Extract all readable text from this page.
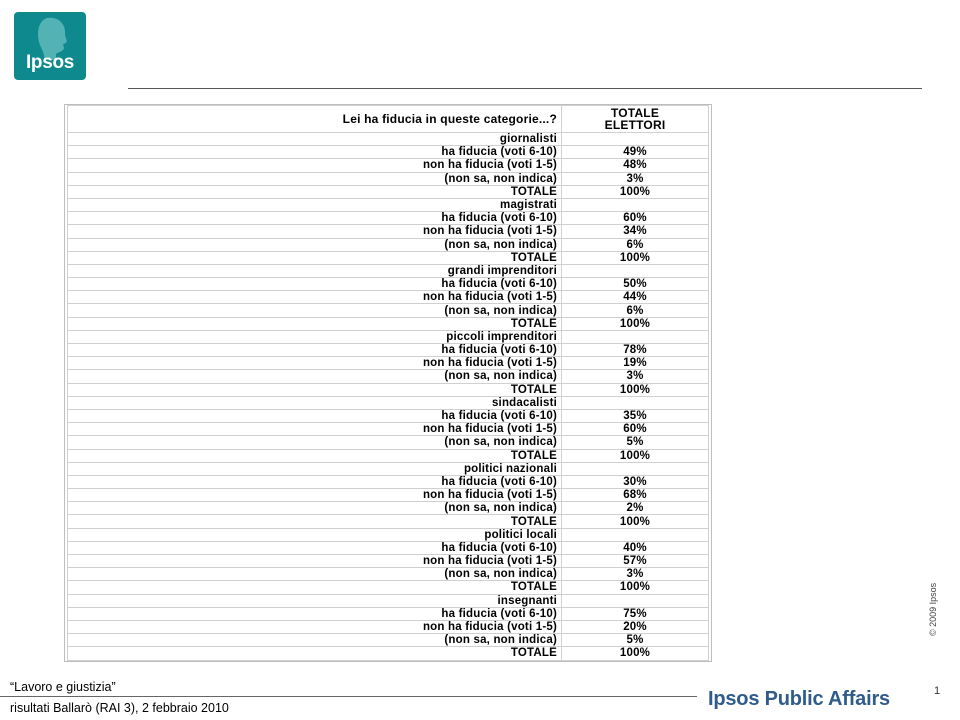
Ipsos
Lei ha fiducia in queste categorie...?	TOTALE
ELETTORI
giornalisti	
ha fiducia (voti 6-10)	49%
non ha fiducia (voti 1-5)	48%
(non sa, non indica)	3%
TOTALE	100%
magistrati	
ha fiducia (voti 6-10)	60%
non ha fiducia (voti 1-5)	34%
(non sa, non indica)	6%
TOTALE	100%
grandi imprenditori	
ha fiducia (voti 6-10)	50%
non ha fiducia (voti 1-5)	44%
(non sa, non indica)	6%
TOTALE	100%
piccoli imprenditori	
ha fiducia (voti 6-10)	78%
non ha fiducia (voti 1-5)	19%
(non sa, non indica)	3%
TOTALE	100%
sindacalisti	
ha fiducia (voti 6-10)	35%
non ha fiducia (voti 1-5)	60%
(non sa, non indica)	5%
TOTALE	100%
politici nazionali	
ha fiducia (voti 6-10)	30%
non ha fiducia (voti 1-5)	68%
(non sa, non indica)	2%
TOTALE	100%
politici locali	
ha fiducia (voti 6-10)	40%
non ha fiducia (voti 1-5)	57%
(non sa, non indica)	3%
TOTALE	100%
insegnanti	
ha fiducia (voti 6-10)	75%
non ha fiducia (voti 1-5)	20%
(non sa, non indica)	5%
TOTALE	100%
© 2009 Ipsos
“Lavoro e giustizia”
risultati Ballarò (RAI 3), 2 febbraio 2010
1
Ipsos Public Affairs
